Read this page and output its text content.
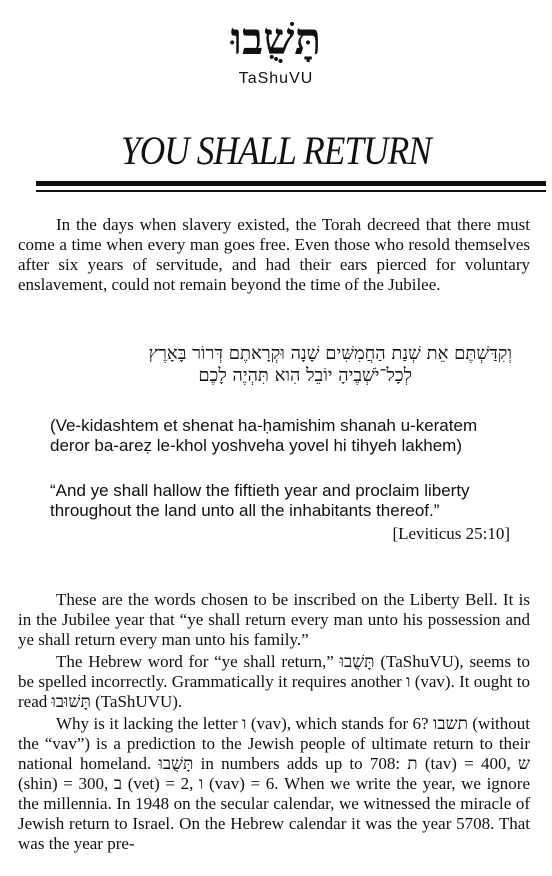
תָּשֻׁבוּ
TaShuVU
YOU SHALL RETURN
In the days when slavery existed, the Torah decreed that there must come a time when every man goes free. Even those who resold themselves after six years of servitude, and had their ears pierced for voluntary enslavement, could not remain beyond the time of the Jubilee.
וְקִדַּשְׁתֶּם אֵת שְׁנַת הַחֲמִשִּׁים שָׁנָה וּקְרָאתֶם דְּרוֹר בָּאָרֶץ
לְכָל־יֹשְׁבֶיהָ יוֹבֵל הִוא תִּהְיֶה לָכֶם
(Ve-kidashtem et shenat ha-ḥamishim shanah u-keratem deror ba-areẓ le-khol yoshveha yovel hi tihyeh lakhem)
“And ye shall hallow the fiftieth year and proclaim liberty throughout the land unto all the inhabitants thereof.”
[Leviticus 25:10]
These are the words chosen to be inscribed on the Liberty Bell. It is in the Jubilee year that “ye shall return every man unto his possession and ye shall return every man unto his family.”
The Hebrew word for “ye shall return,” תָּשֻׁבוּ (TaShuVU), seems to be spelled incorrectly. Grammatically it requires another ו (vav). It ought to read תָּשׁוּבוּ (TaShUVU).
Why is it lacking the letter ו (vav), which stands for 6? תשבו (without the “vav”) is a prediction to the Jewish people of ultimate return to their national homeland. תָּשֻׁבוּ in numbers adds up to 708: ת (tav) = 400, ש (shin) = 300, ב (vet) = 2, ו (vav) = 6. When we write the year, we ignore the millennia. In 1948 on the secular calendar, we witnessed the miracle of Jewish return to Israel. On the Hebrew calendar it was the year 5708. That was the year pre-
